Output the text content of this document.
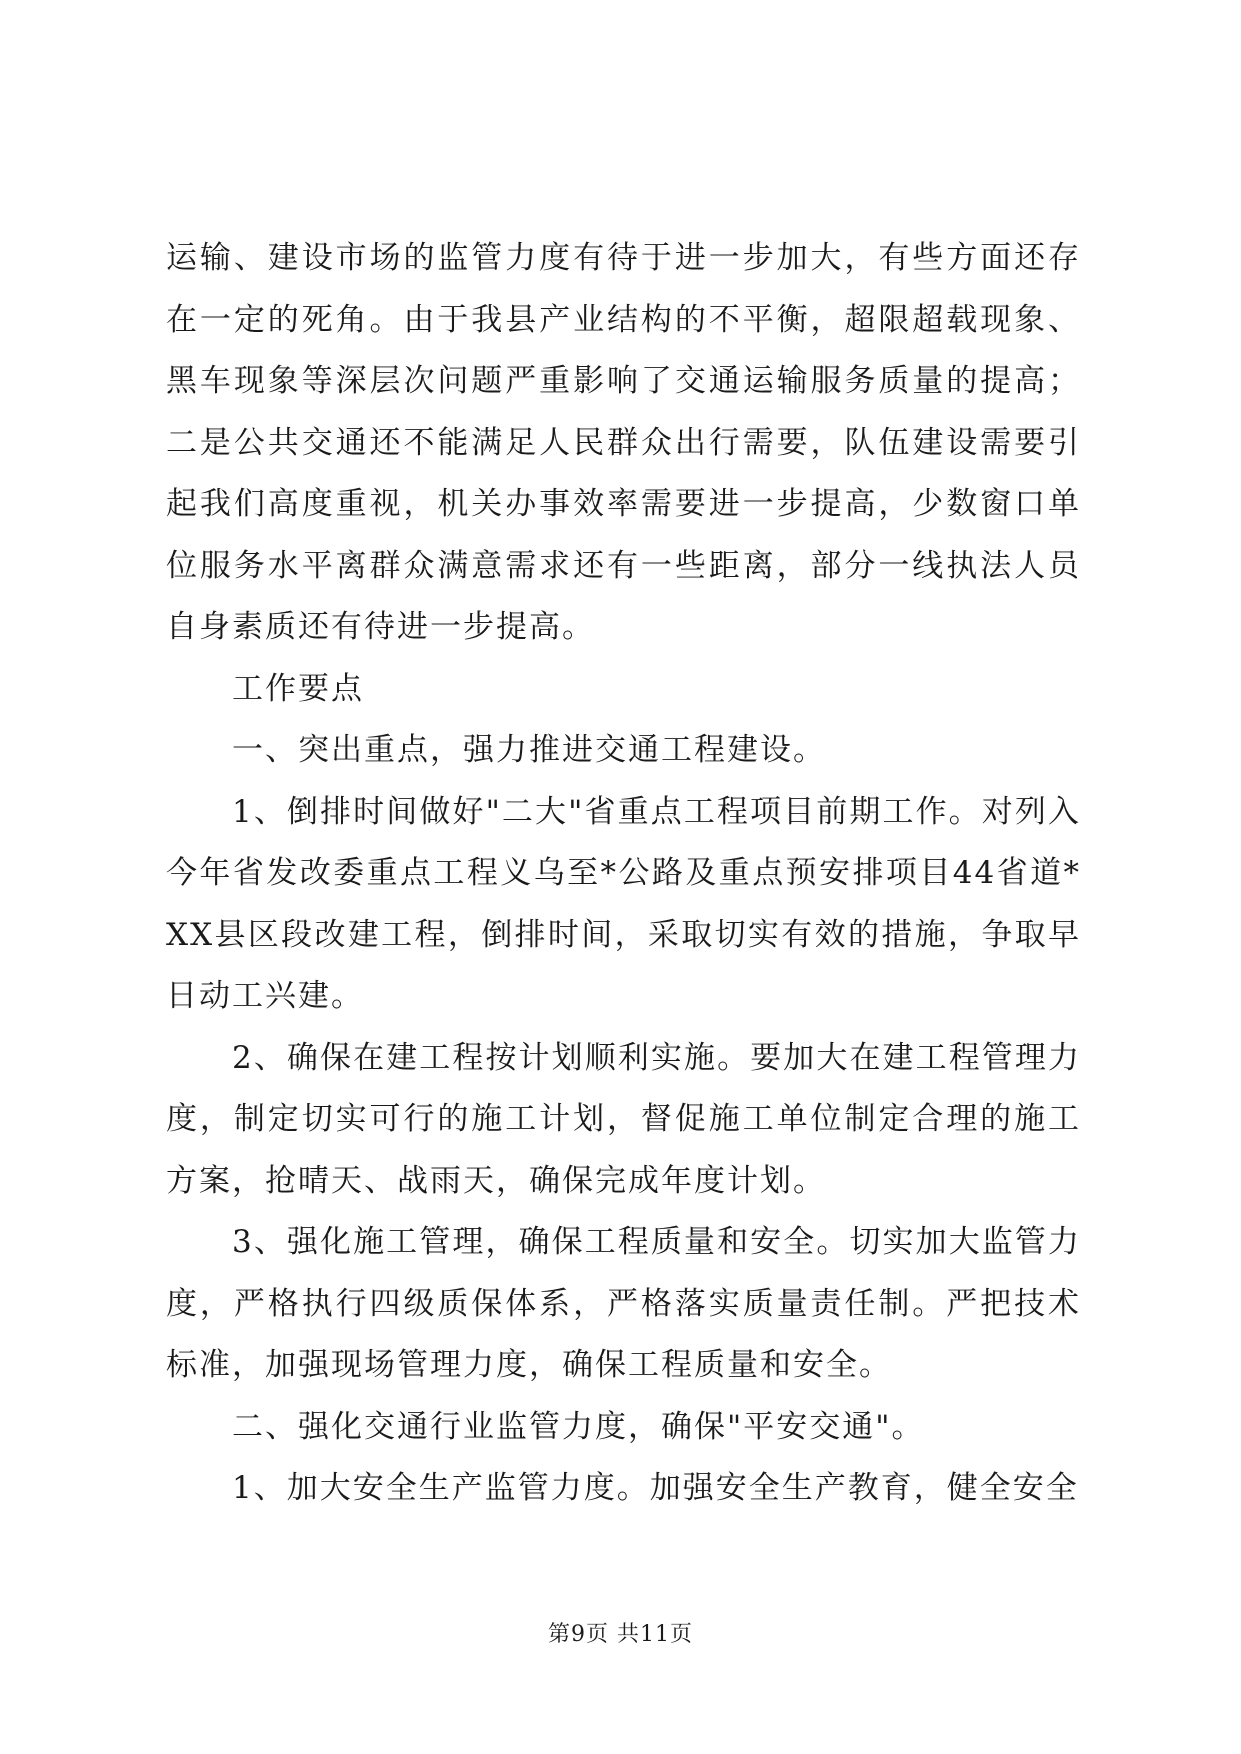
运输、建设市场的监管力度有待于进一步加大，有些方面还存在一定的死角。由于我县产业结构的不平衡，超限超载现象、黑车现象等深层次问题严重影响了交通运输服务质量的提高；二是公共交通还不能满足人民群众出行需要，队伍建设需要引起我们高度重视，机关办事效率需要进一步提高，少数窗口单位服务水平离群众满意需求还有一些距离，部分一线执法人员自身素质还有待进一步提高。

工作要点

一、突出重点，强力推进交通工程建设。

1、倒排时间做好"二大"省重点工程项目前期工作。对列入今年省发改委重点工程义乌至*公路及重点预安排项目44省道*XX县区段改建工程，倒排时间，采取切实有效的措施，争取早日动工兴建。

2、确保在建工程按计划顺利实施。要加大在建工程管理力度，制定切实可行的施工计划，督促施工单位制定合理的施工方案，抢晴天、战雨天，确保完成年度计划。

3、强化施工管理，确保工程质量和安全。切实加大监管力度，严格执行四级质保体系，严格落实质量责任制。严把技术标准，加强现场管理力度，确保工程质量和安全。

二、强化交通行业监管力度，确保"平安交通"。

1、加大安全生产监管力度。加强安全生产教育，健全安全

第9页 共11页
